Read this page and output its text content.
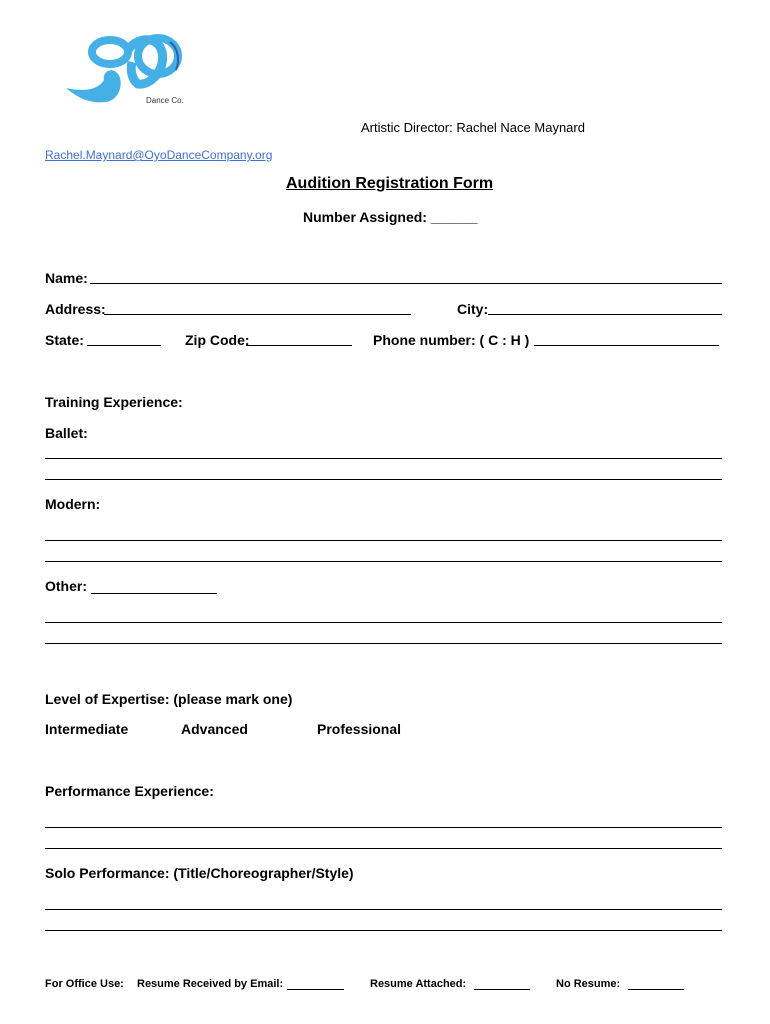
Dance Co.
Artistic Director: Rachel Nace Maynard
Rachel.Maynard@OyoDanceCompany.org
Audition Registration Form
Number Assigned: ______
Name:
Address:	City:
State:	Zip Code:	Phone number: ( C : H )
Training Experience:
Ballet:
Modern:
Other:
Level of Expertise: (please mark one)
Intermediate	Advanced	Professional
Performance Experience:
Solo Performance: (Title/Choreographer/Style)
For Office Use: Resume Received by Email:	Resume Attached:	No Resume:
